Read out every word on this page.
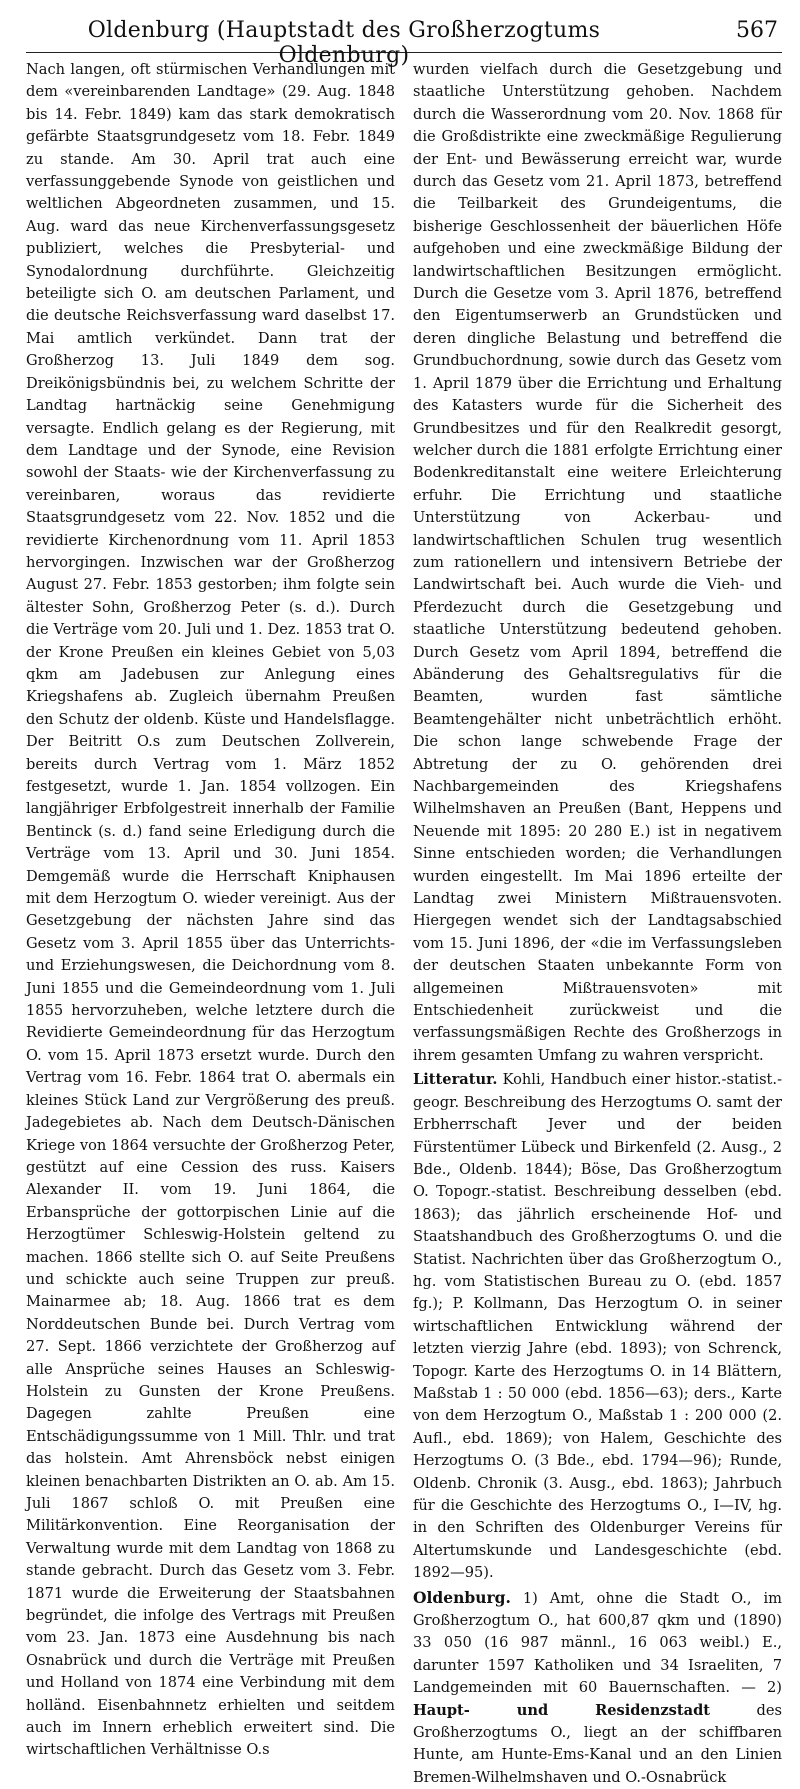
Oldenburg (Hauptstadt des Großherzogtums Oldenburg)
567

Nach langen, oft stürmischen Verhandlungen mit dem «vereinbarenden Landtage» (29. Aug. 1848 bis 14. Febr. 1849) kam das stark demokratisch gefärbte Staatsgrundgesetz vom 18. Febr. 1849 zu stande. Am 30. April trat auch eine verfassunggebende Synode von geistlichen und weltlichen Abgeordneten zusammen, und 15. Aug. ward das neue Kirchenverfassungsgesetz publiziert, welches die Presbyterial- und Synodalordnung durchführte. Gleichzeitig beteiligte sich O. am deutschen Parlament, und die deutsche Reichsverfassung ward daselbst 17. Mai amtlich verkündet. Dann trat der Großherzog 13. Juli 1849 dem sog. Dreikönigsbündnis bei, zu welchem Schritte der Landtag hartnäckig seine Genehmigung versagte. Endlich gelang es der Regierung, mit dem Landtage und der Synode, eine Revision sowohl der Staats- wie der Kirchenverfassung zu vereinbaren, woraus das revidierte Staatsgrundgesetz vom 22. Nov. 1852 und die revidierte Kirchenordnung vom 11. April 1853 hervorgingen. Inzwischen war der Großherzog August 27. Febr. 1853 gestorben; ihm folgte sein ältester Sohn, Großherzog Peter (s. d.). Durch die Verträge vom 20. Juli und 1. Dez. 1853 trat O. der Krone Preußen ein kleines Gebiet von 5,03 qkm am Jadebusen zur Anlegung eines Kriegshafens ab. Zugleich übernahm Preußen den Schutz der oldenb. Küste und Handelsflagge. Der Beitritt O.s zum Deutschen Zollverein, bereits durch Vertrag vom 1. März 1852 festgesetzt, wurde 1. Jan. 1854 vollzogen. Ein langjähriger Erbfolgestreit innerhalb der Familie Bentinck (s. d.) fand seine Erledigung durch die Verträge vom 13. April und 30. Juni 1854. Demgemäß wurde die Herrschaft Kniphausen mit dem Herzogtum O. wieder vereinigt. Aus der Gesetzgebung der nächsten Jahre sind das Gesetz vom 3. April 1855 über das Unterrichts- und Erziehungswesen, die Deichordnung vom 8. Juni 1855 und die Gemeindeordnung vom 1. Juli 1855 hervorzuheben, welche letztere durch die Revidierte Gemeindeordnung für das Herzogtum O. vom 15. April 1873 ersetzt wurde. Durch den Vertrag vom 16. Febr. 1864 trat O. abermals ein kleines Stück Land zur Vergrößerung des preuß. Jadegebietes ab. Nach dem Deutsch-Dänischen Kriege von 1864 versuchte der Großherzog Peter, gestützt auf eine Cession des russ. Kaisers Alexander II. vom 19. Juni 1864, die Erbansprüche der gottorpischen Linie auf die Herzogtümer Schleswig-Holstein geltend zu machen. 1866 stellte sich O. auf Seite Preußens und schickte auch seine Truppen zur preuß. Mainarmee ab; 18. Aug. 1866 trat es dem Norddeutschen Bunde bei. Durch Vertrag vom 27. Sept. 1866 verzichtete der Großherzog auf alle Ansprüche seines Hauses an Schleswig-Holstein zu Gunsten der Krone Preußens. Dagegen zahlte Preußen eine Entschädigungssumme von 1 Mill. Thlr. und trat das holstein. Amt Ahrensböck nebst einigen kleinen benachbarten Distrikten an O. ab. Am 15. Juli 1867 schloß O. mit Preußen eine Militärkonvention. Eine Reorganisation der Verwaltung wurde mit dem Landtag von 1868 zu stande gebracht. Durch das Gesetz vom 3. Febr. 1871 wurde die Erweiterung der Staatsbahnen begründet, die infolge des Vertrags mit Preußen vom 23. Jan. 1873 eine Ausdehnung bis nach Osnabrück und durch die Verträge mit Preußen und Holland von 1874 eine Verbindung mit dem holländ. Eisenbahnnetz erhielten und seitdem auch im Innern erheblich erweitert sind. Die wirtschaftlichen Verhältnisse O.s

wurden vielfach durch die Gesetzgebung und staatliche Unterstützung gehoben. Nachdem durch die Wasserordnung vom 20. Nov. 1868 für die Großdistrikte eine zweckmäßige Regulierung der Ent- und Bewässerung erreicht war, wurde durch das Gesetz vom 21. April 1873, betreffend die Teilbarkeit des Grundeigentums, die bisherige Geschlossenheit der bäuerlichen Höfe aufgehoben und eine zweckmäßige Bildung der landwirtschaftlichen Besitzungen ermöglicht. Durch die Gesetze vom 3. April 1876, betreffend den Eigentumserwerb an Grundstücken und deren dingliche Belastung und betreffend die Grundbuchordnung, sowie durch das Gesetz vom 1. April 1879 über die Errichtung und Erhaltung des Katasters wurde für die Sicherheit des Grundbesitzes und für den Realkredit gesorgt, welcher durch die 1881 erfolgte Errichtung einer Bodenkreditanstalt eine weitere Erleichterung erfuhr. Die Errichtung und staatliche Unterstützung von Ackerbau- und landwirtschaftlichen Schulen trug wesentlich zum rationellern und intensivern Betriebe der Landwirtschaft bei. Auch wurde die Vieh- und Pferdezucht durch die Gesetzgebung und staatliche Unterstützung bedeutend gehoben. Durch Gesetz vom April 1894, betreffend die Abänderung des Gehaltsregulativs für die Beamten, wurden fast sämtliche Beamtengehälter nicht unbeträchtlich erhöht. Die schon lange schwebende Frage der Abtretung der zu O. gehörenden drei Nachbargemeinden des Kriegshafens Wilhelmshaven an Preußen (Bant, Heppens und Neuende mit 1895: 20 280 E.) ist in negativem Sinne entschieden worden; die Verhandlungen wurden eingestellt. Im Mai 1896 erteilte der Landtag zwei Ministern Mißtrauensvoten. Hiergegen wendet sich der Landtagsabschied vom 15. Juni 1896, der «die im Verfassungsleben der deutschen Staaten unbekannte Form von allgemeinen Mißtrauensvoten» mit Entschiedenheit zurückweist und die verfassungsmäßigen Rechte des Großherzogs in ihrem gesamten Umfang zu wahren verspricht.

Litteratur. Kohli, Handbuch einer histor.-statist.-geogr. Beschreibung des Herzogtums O. samt der Erbherrschaft Jever und der beiden Fürstentümer Lübeck und Birkenfeld (2. Ausg., 2 Bde., Oldenb. 1844); Böse, Das Großherzogtum O. Topogr.-statist. Beschreibung desselben (ebd. 1863); das jährlich erscheinende Hof- und Staatshandbuch des Großherzogtums O. und die Statist. Nachrichten über das Großherzogtum O., hg. vom Statistischen Bureau zu O. (ebd. 1857 fg.); P. Kollmann, Das Herzogtum O. in seiner wirtschaftlichen Entwicklung während der letzten vierzig Jahre (ebd. 1893); von Schrenck, Topogr. Karte des Herzogtums O. in 14 Blättern, Maßstab 1 : 50 000 (ebd. 1856—63); ders., Karte von dem Herzogtum O., Maßstab 1 : 200 000 (2. Aufl., ebd. 1869); von Halem, Geschichte des Herzogtums O. (3 Bde., ebd. 1794—96); Runde, Oldenb. Chronik (3. Ausg., ebd. 1863); Jahrbuch für die Geschichte des Herzogtums O., I—IV, hg. in den Schriften des Oldenburger Vereins für Altertumskunde und Landesgeschichte (ebd. 1892—95).

Oldenburg. 1) Amt, ohne die Stadt O., im Großherzogtum O., hat 600,87 qkm und (1890) 33 050 (16 987 männl., 16 063 weibl.) E., darunter 1597 Katholiken und 34 Israeliten, 7 Landgemeinden mit 60 Bauernschaften. — 2) Haupt- und Residenzstadt des Großherzogtums O., liegt an der schiffbaren Hunte, am Hunte-Ems-Kanal und an den Linien Bremen-Wilhelmshaven und O.-Osnabrück
